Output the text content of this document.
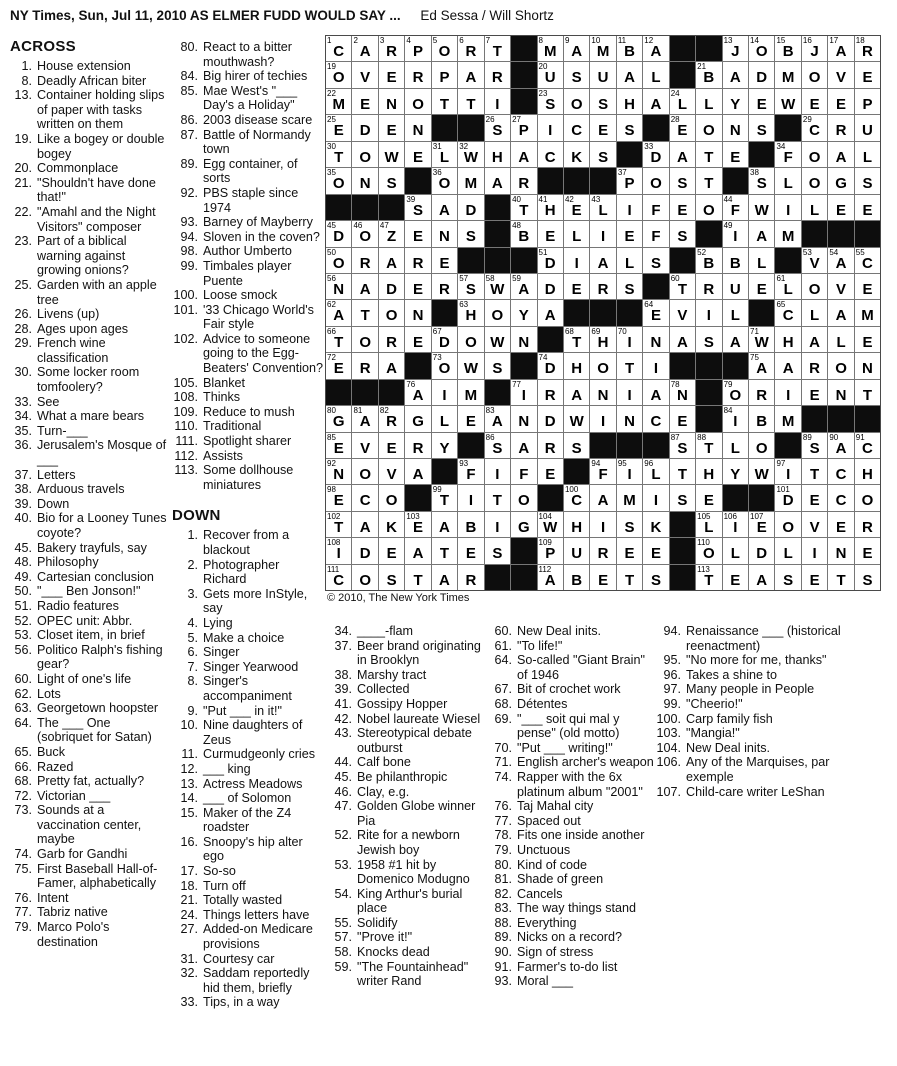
NY Times, Sun, Jul 11, 2010 AS ELMER FUDD WOULD SAY ... Ed Sessa / Will Shortz
ACROSS
1. House extension
8. Deadly African biter
13. Container holding slips of paper with tasks written on them
19. Like a bogey or double bogey
20. Commonplace
21. "Shouldn't have done that!"
22. "Amahl and the Night Visitors" composer
23. Part of a biblical warning against growing onions?
25. Garden with an apple tree
26. Livens (up)
28. Ages upon ages
29. French wine classification
30. Some locker room tomfoolery?
33. See
34. What a mare bears
35. Turn-___
36. Jerusalem's Mosque of ___
37. Letters
38. Arduous travels
39. Down
40. Bio for a Looney Tunes coyote?
45. Bakery trayfuls, say
48. Philosophy
49. Cartesian conclusion
50. "___ Ben Jonson!"
51. Radio features
52. OPEC unit: Abbr.
53. Closet item, in brief
56. Politico Ralph's fishing gear?
60. Light of one's life
62. Lots
63. Georgetown hoopster
64. The ___ One (sobriquet for Satan)
65. Buck
66. Razed
68. Pretty fat, actually?
72. Victorian ___
73. Sounds at a vaccination center, maybe
74. Garb for Gandhi
75. First Baseball Hall-of-Famer, alphabetically
76. Intent
77. Tabriz native
79. Marco Polo's destination
80. React to a bitter mouthwash?
84. Big hirer of techies
85. Mae West's "___ Day's a Holiday"
86. 2003 disease scare
87. Battle of Normandy town
89. Egg container, of sorts
92. PBS staple since 1974
93. Barney of Mayberry
94. Sloven in the coven?
98. Author Umberto
99. Timbales player Puente
100. Loose smock
101. '33 Chicago World's Fair style
102. Advice to someone going to the Egg-Beaters' Convention?
105. Blanket
108. Thinks
109. Reduce to mush
110. Traditional
111. Spotlight sharer
112. Assists
113. Some dollhouse miniatures
DOWN
1. Recover from a blackout
2. Photographer Richard
3. Gets more InStyle, say
4. Lying
5. Make a choice
6. Singer
7. Singer Yearwood
8. Singer's accompaniment
9. "Put ___ in it!"
10. Nine daughters of Zeus
11. Curmudgeonly cries
12. ___ king
13. Actress Meadows
14. ___ of Solomon
15. Maker of the Z4 roadster
16. Snoopy's hip alter ego
17. So-so
18. Turn off
21. Totally wasted
24. Things letters have
27. Added-on Medicare provisions
31. Courtesy car
32. Saddam reportedly hid them, briefly
33. Tips, in a way
1
C
2
A
3
R
4
P
5
O
6
R
7
T
8
M
9
A
10
M
11
B
12
A
13
J
14
O
15
B
16
J
17
A
18
R
19
O	V	E	R	P	A	R
20
U	S	U	A	L
21
B	A	D M O	V	E
22
M	E	N	O	T	T	I
23
S	O	S	H	A
24
L	L	Y	E W E	E	P
25
E	D	E	N
26
S
27
P	I	C	E	S
28
E	O	N	S
29
C	R	U
30
T	O W E
31
L
32
W H	A	C	K	S
33
D	A	T	E
34
F	O	A	L
35
O	N	S
36
O M A	R
37
P	O	S	T
38
S	L	O G	S
39
S	A	D
40
T
41
H
42
E
43
L	I	F	E	O
44
F W	I	L	E	E
45
D
46
O
47
Z	E	N	S
48
B	E	L	I	E	F	S
49
I	A M
50
O	R	A	R	E
51
D	I	A	L	S
52
B	B	L
53
V
54
A
55
C
56
N	A	D	E	R
57
S
58
W
59
A	D	E	R	S
60
T	R	U	E
61
L	O	V	E
62
A	T	O	N
63
H	O	Y	A
64
E	V	I	L
65
C	L	A M
66
T	O	R	E
67
D	O W N
68
T
69
H
70
I	N	A	S	A
71
W H	A	L	E
72
E	R	A
73
O W S
74
D	H	O	T	I
75
A	A	R	O	N
76
A	I	M
77
I	R	A	N	I	A
78
N
79
O	R	I	E	N	T
80
G
81
A
82
R	G	L	E
83
A	N	D W	I	N	C	E
84
I	B M
85
E	V	E	R	Y
86
S	A	R	S
87
S
88
T	L	O
89
S
90
A
91
C
92
N	O	V	A
93
F	I	F	E
94
F
95
I
96
L	T	H	Y W
97
I	T	C	H
98
E	C	O
99
T	I	T	O
100
C	A M	I	S	E
101
D	E	C	O
102
T	A	K
103
E	A	B	I	G
104
W H	I	S	K
105
L
106
I
107
E	O	V	E	R
108
I	D	E	A	T	E	S
109
P	U	R	E	E
110
O	L	D	L	I	N	E
111
C	O	S	T	A	R
112
A	B	E	T	S
113
T	E	A	S	E	T	S
© 2010, The New York Times
34. ____-flam
37. Beer brand originating in Brooklyn
38. Marshy tract
39. Collected
41. Gossipy Hopper
42. Nobel laureate Wiesel
43. Stereotypical debate outburst
44. Calf bone
45. Be philanthropic
46. Clay, e.g.
47. Golden Globe winner Pia
52. Rite for a newborn Jewish boy
53. 1958 #1 hit by Domenico Modugno
54. King Arthur's burial place
55. Solidify
57. "Prove it!"
58. Knocks dead
59. "The Fountainhead" writer Rand
60. New Deal inits.
61. "To life!"
64. So-called "Giant Brain" of 1946
67. Bit of crochet work
68. Détentes
69. "___ soit qui mal y pense" (old motto)
70. "Put ___ writing!"
71. English archer's weapon
74. Rapper with the 6x platinum album "2001"
76. Taj Mahal city
77. Spaced out
78. Fits one inside another
79. Unctuous
80. Kind of code
81. Shade of green
82. Cancels
83. The way things stand
88. Everything
89. Nicks on a record?
90. Sign of stress
91. Farmer's to-do list
93. Moral ___
94. Renaissance ___ (historical reenactment)
95. "No more for me, thanks"
96. Takes a shine to
97. Many people in People
99. "Cheerio!"
100. Carp family fish
103. "Mangia!"
104. New Deal inits.
106. Any of the Marquises, par exemple
107. Child-care writer LeShan
